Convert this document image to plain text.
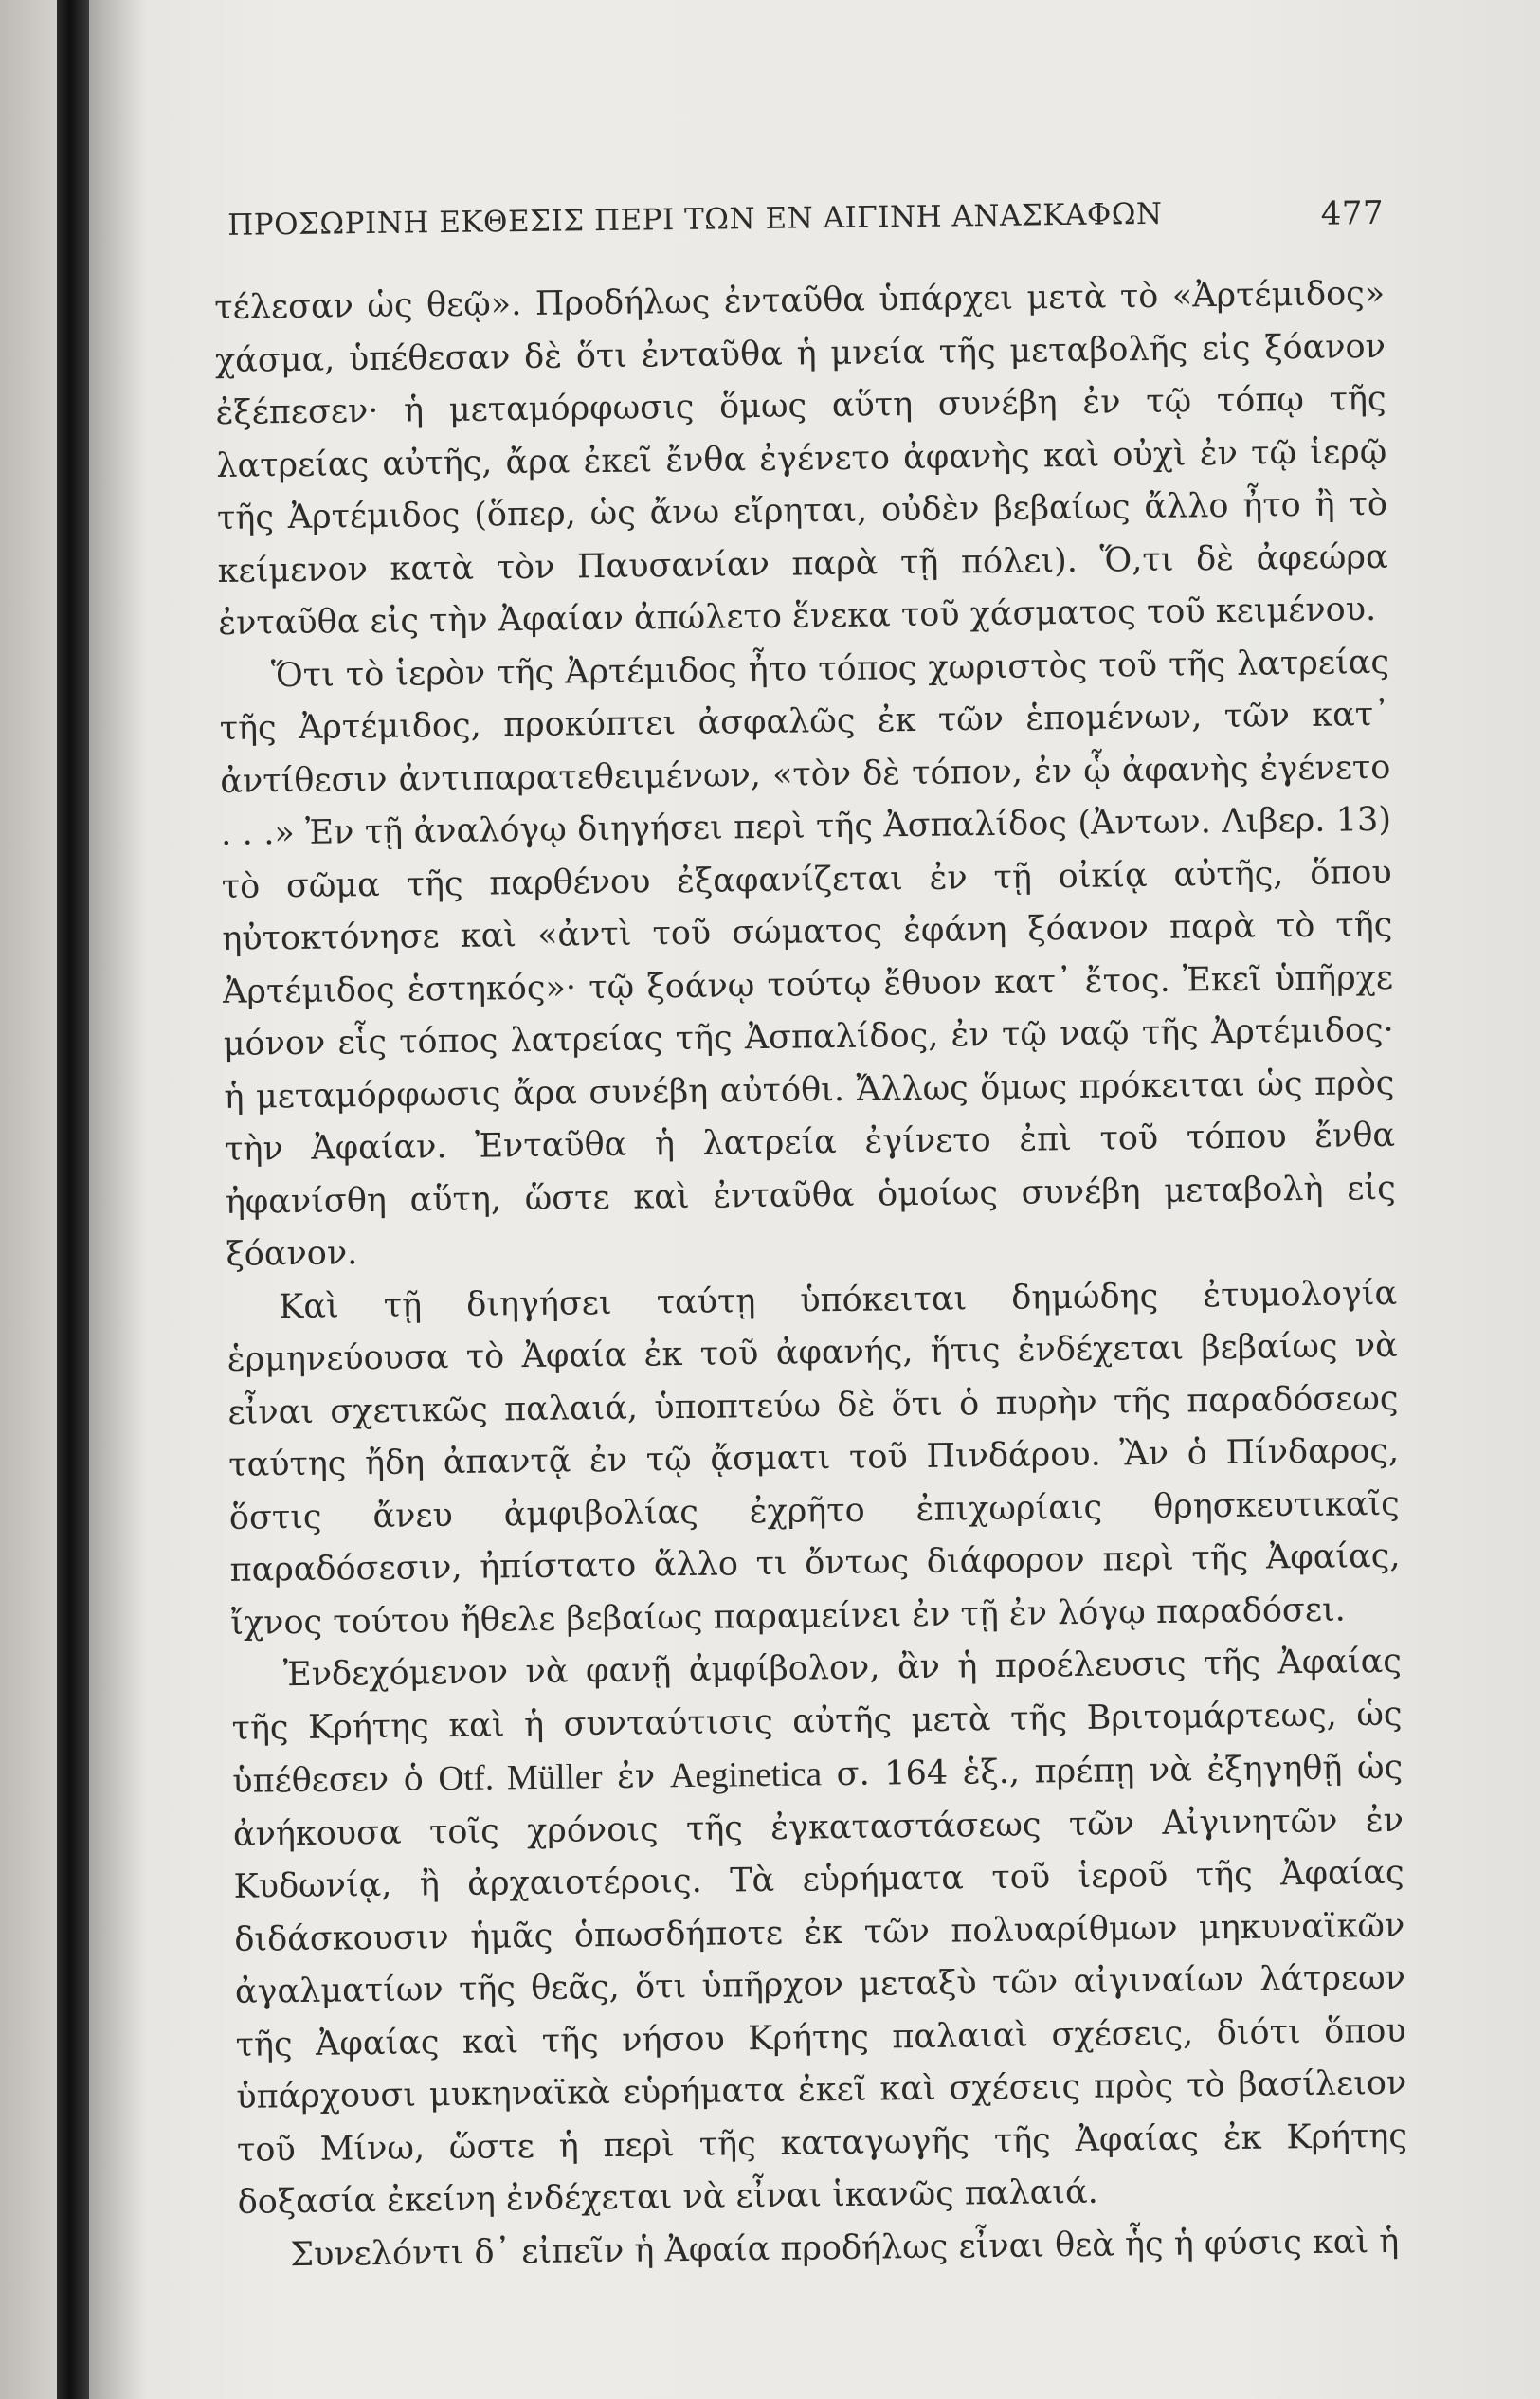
ΠΡΟΣΩΡΙΝΗ ΕΚΘΕΣΙΣ ΠΕΡΙ ΤΩΝ ΕΝ ΑΙΓΙΝΗ ΑΝΑΣΚΑΦΩΝ	477

τέλεσαν ὡς θεῷ». Προδήλως ἐνταῦθα ὑπάρχει μετὰ τὸ «Ἀρτέμιδος» χάσμα, ὑπέθεσαν δὲ ὅτι ἐνταῦθα ἡ μνεία τῆς μεταβολῆς εἰς ξόανον ἐξέπεσεν· ἡ μεταμόρφωσις ὅμως αὕτη συνέβη ἐν τῷ τόπῳ τῆς λατρείας αὐτῆς, ἄρα ἐκεῖ ἔνθα ἐγένετο ἀφανὴς καὶ οὐχὶ ἐν τῷ ἱερῷ τῆς Ἀρτέμιδος (ὅπερ, ὡς ἄνω εἴρηται, οὐδὲν βεβαίως ἄλλο ἦτο ἢ τὸ κείμενον κατὰ τὸν Παυσανίαν παρὰ τῇ πόλει). Ὅ,τι δὲ ἀφεώρα ἐνταῦθα εἰς τὴν Ἀφαίαν ἀπώλετο ἕνεκα τοῦ χάσματος τοῦ κειμένου.

Ὅτι τὸ ἱερὸν τῆς Ἀρτέμιδος ἦτο τόπος χωριστὸς τοῦ τῆς λατρείας τῆς Ἀρτέμιδος, προκύπτει ἀσφαλῶς ἐκ τῶν ἑπομένων, τῶν κατ᾽ ἀντίθεσιν ἀντιπαρατεθειμένων, «τὸν δὲ τόπον, ἐν ᾧ ἀφανὴς ἐγένετο . . .» Ἐν τῇ ἀναλόγῳ διηγήσει περὶ τῆς Ἀσπαλίδος (Ἀντων. Λιβερ. 13) τὸ σῶμα τῆς παρθένου ἐξαφανίζεται ἐν τῇ οἰκίᾳ αὐτῆς, ὅπου ηὐτοκτόνησε καὶ «ἀντὶ τοῦ σώματος ἐφάνη ξόανον παρὰ τὸ τῆς Ἀρτέμιδος ἑστηκός»· τῷ ξοάνῳ τούτῳ ἔθυον κατ᾽ ἔτος. Ἐκεῖ ὑπῆρχε μόνον εἷς τόπος λατρείας τῆς Ἀσπαλίδος, ἐν τῷ ναῷ τῆς Ἀρτέμιδος· ἡ μεταμόρφωσις ἄρα συνέβη αὐτόθι. Ἄλλως ὅμως πρόκειται ὡς πρὸς τὴν Ἀφαίαν. Ἐνταῦθα ἡ λατρεία ἐγίνετο ἐπὶ τοῦ τόπου ἔνθα ἠφανίσθη αὕτη, ὥστε καὶ ἐνταῦθα ὁμοίως συνέβη μεταβολὴ εἰς ξόανον.

Καὶ τῇ διηγήσει ταύτῃ ὑπόκειται δημώδης ἐτυμολογία ἑρμηνεύουσα τὸ Ἀφαία ἐκ τοῦ ἀφανής, ἥτις ἐνδέχεται βεβαίως νὰ εἶναι σχετικῶς παλαιά, ὑποπτεύω δὲ ὅτι ὁ πυρὴν τῆς παραδόσεως ταύτης ἤδη ἀπαντᾷ ἐν τῷ ᾄσματι τοῦ Πινδάρου. Ἂν ὁ Πίνδαρος, ὅστις ἄνευ ἀμφιβολίας ἐχρῆτο ἐπιχωρίαις θρησκευτικαῖς παραδόσεσιν, ἠπίστατο ἄλλο τι ὄντως διάφορον περὶ τῆς Ἀφαίας, ἴχνος τούτου ἤθελε βεβαίως παραμείνει ἐν τῇ ἐν λόγῳ παραδόσει.

Ἐνδεχόμενον νὰ φανῇ ἀμφίβολον, ἂν ἡ προέλευσις τῆς Ἀφαίας τῆς Κρήτης καὶ ἡ συνταύτισις αὐτῆς μετὰ τῆς Βριτομάρτεως, ὡς ὑπέθεσεν ὁ Otf. Müller ἐν Aeginetica σ. 164 ἑξ., πρέπῃ νὰ ἐξηγηθῇ ὡς ἀνήκουσα τοῖς χρόνοις τῆς ἐγκαταστάσεως τῶν Αἰγινητῶν ἐν Κυδωνίᾳ, ἢ ἀρχαιοτέροις. Τὰ εὑρήματα τοῦ ἱεροῦ τῆς Ἀφαίας διδάσκουσιν ἡμᾶς ὁπωσδήποτε ἐκ τῶν πολυαρίθμων μηκυναϊκῶν ἀγαλματίων τῆς θεᾶς, ὅτι ὑπῆρχον μεταξὺ τῶν αἰγιναίων λάτρεων τῆς Ἀφαίας καὶ τῆς νήσου Κρήτης παλαιαὶ σχέσεις, διότι ὅπου ὑπάρχουσι μυκηναϊκὰ εὑρήματα ἐκεῖ καὶ σχέσεις πρὸς τὸ βασίλειον τοῦ Μίνω, ὥστε ἡ περὶ τῆς καταγωγῆς τῆς Ἀφαίας ἐκ Κρήτης δοξασία ἐκείνη ἐνδέχεται νὰ εἶναι ἱκανῶς παλαιά.

Συνελόντι δ᾽ εἰπεῖν ἡ Ἀφαία προδήλως εἶναι θεὰ ἧς ἡ φύσις καὶ ἡ
